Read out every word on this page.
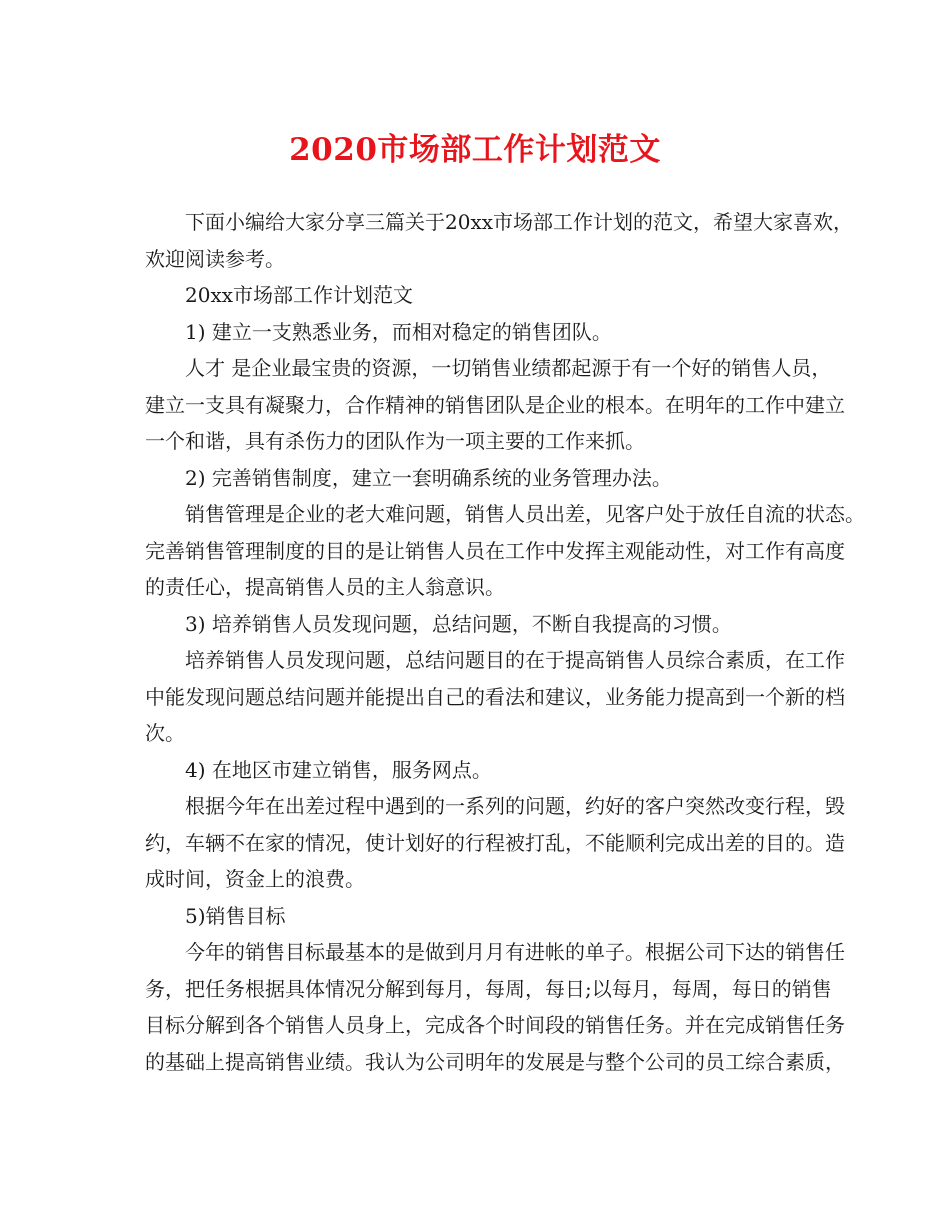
2020市场部工作计划范文

下面小编给大家分享三篇关于20xx市场部工作计划的范文，希望大家喜欢，

欢迎阅读参考。

20xx市场部工作计划范文

1) 建立一支熟悉业务，而相对稳定的销售团队。

人才 是企业最宝贵的资源，一切销售业绩都起源于有一个好的销售人员，

建立一支具有凝聚力，合作精神的销售团队是企业的根本。在明年的工作中建立

一个和谐，具有杀伤力的团队作为一项主要的工作来抓。

2) 完善销售制度，建立一套明确系统的业务管理办法。

销售管理是企业的老大难问题，销售人员出差，见客户处于放任自流的状态。

完善销售管理制度的目的是让销售人员在工作中发挥主观能动性，对工作有高度

的责任心，提高销售人员的主人翁意识。

3) 培养销售人员发现问题，总结问题，不断自我提高的习惯。

培养销售人员发现问题，总结问题目的在于提高销售人员综合素质，在工作

中能发现问题总结问题并能提出自己的看法和建议，业务能力提高到一个新的档

次。

4) 在地区市建立销售，服务网点。

根据今年在出差过程中遇到的一系列的问题，约好的客户突然改变行程，毁

约，车辆不在家的情况，使计划好的行程被打乱，不能顺利完成出差的目的。造

成时间，资金上的浪费。

5)销售目标

今年的销售目标最基本的是做到月月有进帐的单子。根据公司下达的销售任

务，把任务根据具体情况分解到每月，每周，每日;以每月，每周，每日的销售

目标分解到各个销售人员身上，完成各个时间段的销售任务。并在完成销售任务

的基础上提高销售业绩。我认为公司明年的发展是与整个公司的员工综合素质，
